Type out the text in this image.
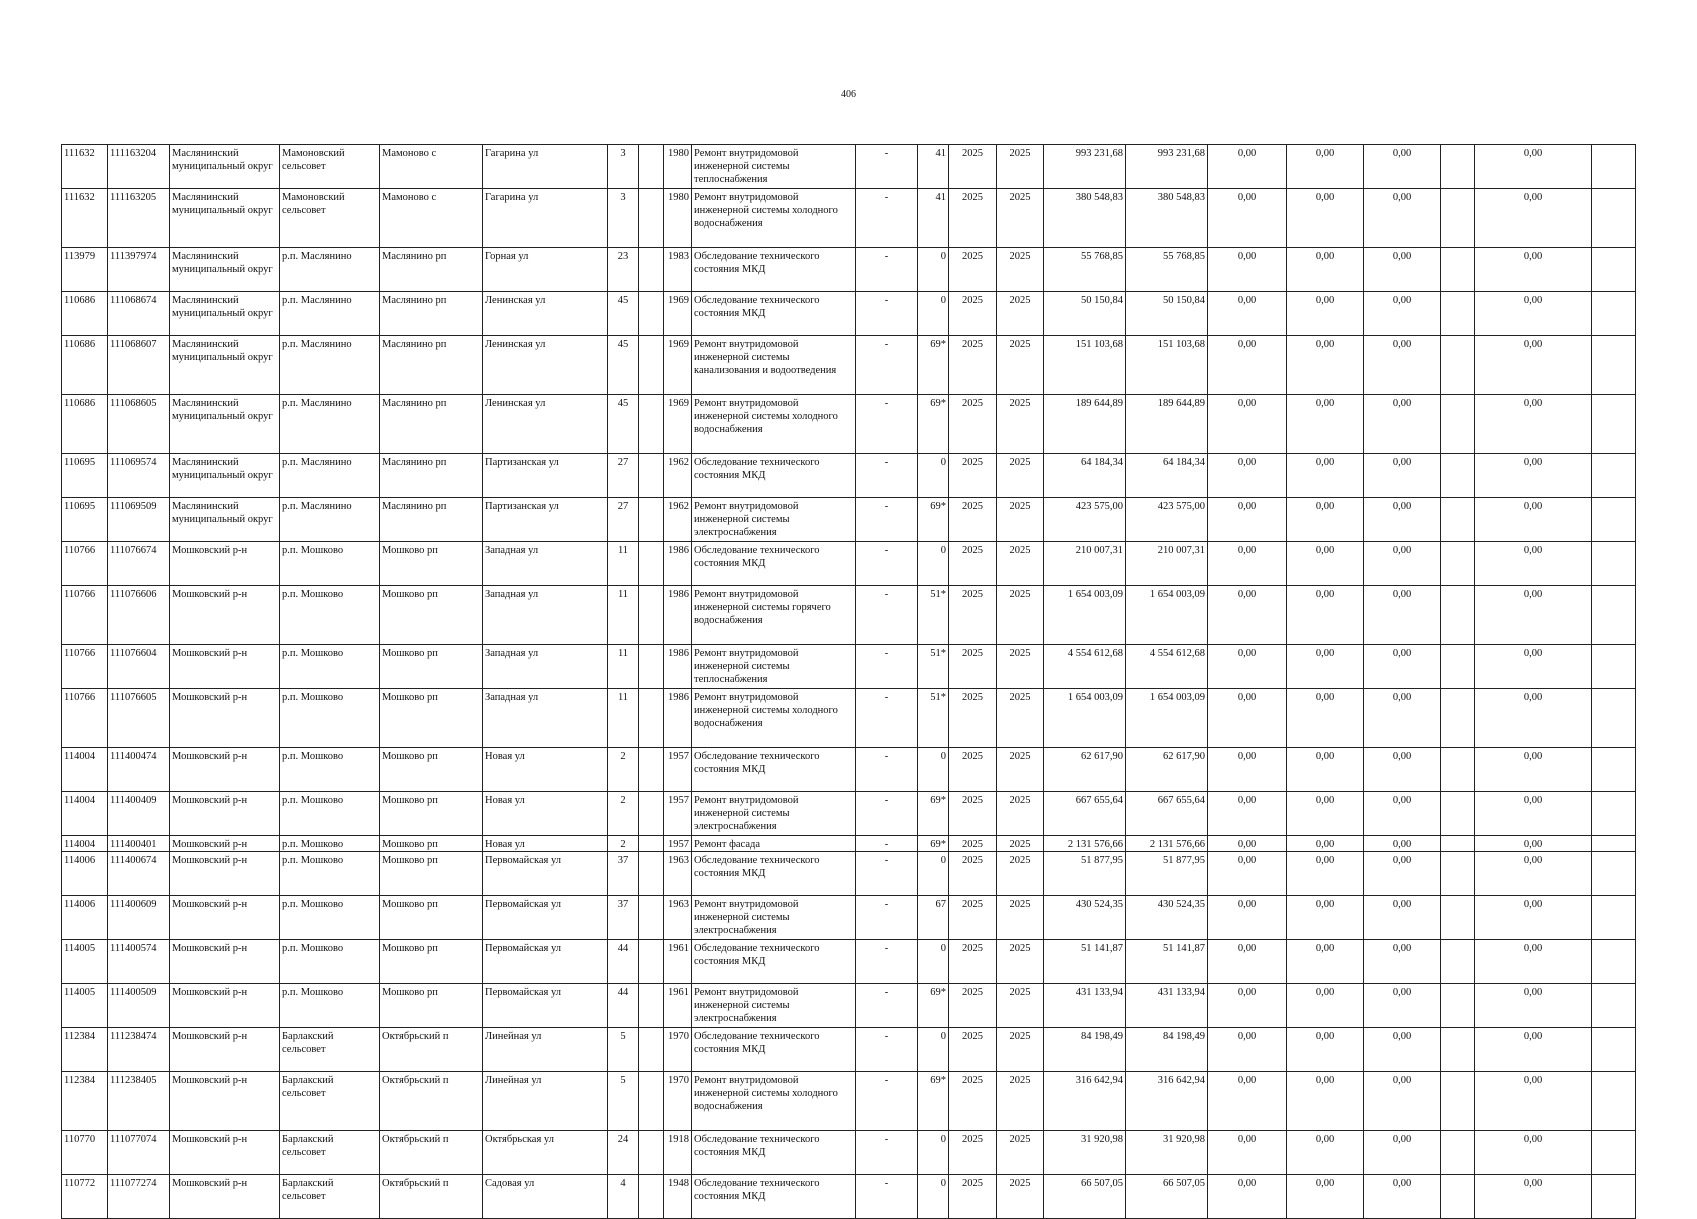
406
111632	111163204	Маслянинский муниципальный округ	Мамоновский сельсовет	Мамоново с	Гагарина ул	3		1980	Ремонт внутридомовой инженерной системы теплоснабжения	-	41	2025	2025	993 231,68	993 231,68	0,00	0,00	0,00		0,00	
111632	111163205	Маслянинский муниципальный округ	Мамоновский сельсовет	Мамоново с	Гагарина ул	3		1980	Ремонт внутридомовой инженерной системы холодного водоснабжения	-	41	2025	2025	380 548,83	380 548,83	0,00	0,00	0,00		0,00	
113979	111397974	Маслянинский муниципальный округ	р.п. Маслянино	Маслянино рп	Горная ул	23		1983	Обследование технического состояния МКД	-	0	2025	2025	55 768,85	55 768,85	0,00	0,00	0,00		0,00	
110686	111068674	Маслянинский муниципальный округ	р.п. Маслянино	Маслянино рп	Ленинская ул	45		1969	Обследование технического состояния МКД	-	0	2025	2025	50 150,84	50 150,84	0,00	0,00	0,00		0,00	
110686	111068607	Маслянинский муниципальный округ	р.п. Маслянино	Маслянино рп	Ленинская ул	45		1969	Ремонт внутридомовой инженерной системы канализования и водоотведения	-	69*	2025	2025	151 103,68	151 103,68	0,00	0,00	0,00		0,00	
110686	111068605	Маслянинский муниципальный округ	р.п. Маслянино	Маслянино рп	Ленинская ул	45		1969	Ремонт внутридомовой инженерной системы холодного водоснабжения	-	69*	2025	2025	189 644,89	189 644,89	0,00	0,00	0,00		0,00	
110695	111069574	Маслянинский муниципальный округ	р.п. Маслянино	Маслянино рп	Партизанская ул	27		1962	Обследование технического состояния МКД	-	0	2025	2025	64 184,34	64 184,34	0,00	0,00	0,00		0,00	
110695	111069509	Маслянинский муниципальный округ	р.п. Маслянино	Маслянино рп	Партизанская ул	27		1962	Ремонт внутридомовой инженерной системы электроснабжения	-	69*	2025	2025	423 575,00	423 575,00	0,00	0,00	0,00		0,00	
110766	111076674	Мошковский р-н	р.п. Мошково	Мошково рп	Западная ул	11		1986	Обследование технического состояния МКД	-	0	2025	2025	210 007,31	210 007,31	0,00	0,00	0,00		0,00	
110766	111076606	Мошковский р-н	р.п. Мошково	Мошково рп	Западная ул	11		1986	Ремонт внутридомовой инженерной системы горячего водоснабжения	-	51*	2025	2025	1 654 003,09	1 654 003,09	0,00	0,00	0,00		0,00	
110766	111076604	Мошковский р-н	р.п. Мошково	Мошково рп	Западная ул	11		1986	Ремонт внутридомовой инженерной системы теплоснабжения	-	51*	2025	2025	4 554 612,68	4 554 612,68	0,00	0,00	0,00		0,00	
110766	111076605	Мошковский р-н	р.п. Мошково	Мошково рп	Западная ул	11		1986	Ремонт внутридомовой инженерной системы холодного водоснабжения	-	51*	2025	2025	1 654 003,09	1 654 003,09	0,00	0,00	0,00		0,00	
114004	111400474	Мошковский р-н	р.п. Мошково	Мошково рп	Новая ул	2		1957	Обследование технического состояния МКД	-	0	2025	2025	62 617,90	62 617,90	0,00	0,00	0,00		0,00	
114004	111400409	Мошковский р-н	р.п. Мошково	Мошково рп	Новая ул	2		1957	Ремонт внутридомовой инженерной системы электроснабжения	-	69*	2025	2025	667 655,64	667 655,64	0,00	0,00	0,00		0,00	
114004	111400401	Мошковский р-н	р.п. Мошково	Мошково рп	Новая ул	2		1957	Ремонт фасада	-	69*	2025	2025	2 131 576,66	2 131 576,66	0,00	0,00	0,00		0,00	
114006	111400674	Мошковский р-н	р.п. Мошково	Мошково рп	Первомайская ул	37		1963	Обследование технического состояния МКД	-	0	2025	2025	51 877,95	51 877,95	0,00	0,00	0,00		0,00	
114006	111400609	Мошковский р-н	р.п. Мошково	Мошково рп	Первомайская ул	37		1963	Ремонт внутридомовой инженерной системы электроснабжения	-	67	2025	2025	430 524,35	430 524,35	0,00	0,00	0,00		0,00	
114005	111400574	Мошковский р-н	р.п. Мошково	Мошково рп	Первомайская ул	44		1961	Обследование технического состояния МКД	-	0	2025	2025	51 141,87	51 141,87	0,00	0,00	0,00		0,00	
114005	111400509	Мошковский р-н	р.п. Мошково	Мошково рп	Первомайская ул	44		1961	Ремонт внутридомовой инженерной системы электроснабжения	-	69*	2025	2025	431 133,94	431 133,94	0,00	0,00	0,00		0,00	
112384	111238474	Мошковский р-н	Барлакский сельсовет	Октябрьский п	Линейная ул	5		1970	Обследование технического состояния МКД	-	0	2025	2025	84 198,49	84 198,49	0,00	0,00	0,00		0,00	
112384	111238405	Мошковский р-н	Барлакский сельсовет	Октябрьский п	Линейная ул	5		1970	Ремонт внутридомовой инженерной системы холодного водоснабжения	-	69*	2025	2025	316 642,94	316 642,94	0,00	0,00	0,00		0,00	
110770	111077074	Мошковский р-н	Барлакский сельсовет	Октябрьский п	Октябрьская ул	24		1918	Обследование технического состояния МКД	-	0	2025	2025	31 920,98	31 920,98	0,00	0,00	0,00		0,00	
110772	111077274	Мошковский р-н	Барлакский сельсовет	Октябрьский п	Садовая ул	4		1948	Обследование технического состояния МКД	-	0	2025	2025	66 507,05	66 507,05	0,00	0,00	0,00		0,00	
